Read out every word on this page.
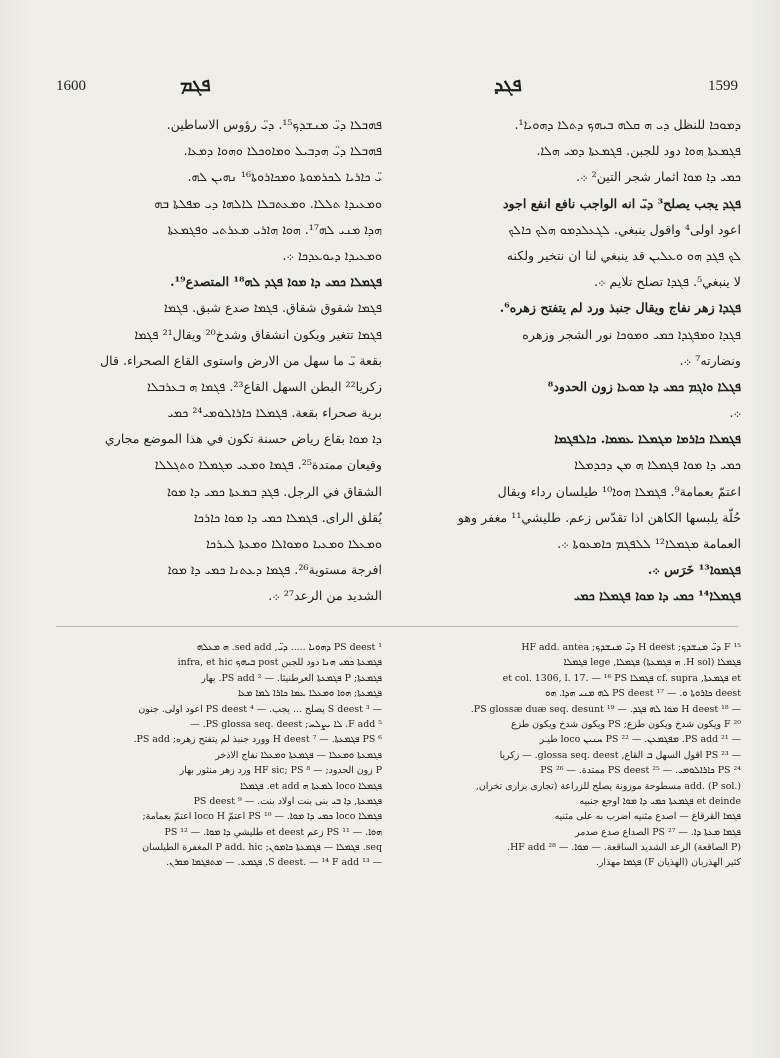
1600	ܦܓܡ	ܦܓܕ	1599
ܦܗܒܠܐ ܕܝ̈ ܡܢܫܕܟ¹⁵. ܕܝ̈ رؤوس الاساطين.
ܦܗܒܠܐ ܕܝ̈ ܗܕܒܝܠ ܘܡܐܘܟܠܐ ܘܗܘܐ ܕܡܥܐ.
ܝ̈ ܟܐܪܝܐ ܠܟܪܡܘܬܐ ܘܡܟܐܪܘܬܐ¹⁶ ܢܗܝܢ ܠܗ.
ܘܡܥܝܕܐ ܬܠܠܐ. ܘܡܥܬܒܠܐ ܠܐܠܗܐ ܕܝ ܡܦܠܬܐ ܒܗ
ܗܕܐ ܡܢܝ ܠܗ¹⁷. ܗܘܐ ܗܐܪܝ ܡܥܪܬܝ ܘܦܓܡܥܬܐ
ܘܡܥܝܕܐ ܕܝܘܥܕܟܐ ܀.
ܦܓܡܠܐ ܟܡܝ ܕܐ ܡܘܐ ܦܓܕ ܠܗ¹⁸ المتصدع¹⁹.
ܦܓܡܐ شقوق شقاق. ܦܓܡܐ صدع شبق. ܦܓܡܐ
ܦܓܡܐ تتغير ويكون انشقاق وشدخ²⁰ ويقال²¹ ܦܓܡܐ
بقعة ܝ̈ ما سهل من الارض واستوى القاع الصحراء. قال
زكريا²² البطن السهل القاع²³. ܦܓܡܐ ܗ ܒܥܪܒܠܐ
برية صحراء بقعة. ܦܓܡܠܐ ܟܐܪܐܠܘܡܝ²⁴ ܟܡܝ
ܕܐ ܡܘܐ بقاع رياض حسنة تكون في هذا الموضع مجاري
وقيعان ممتدة²⁵. ܦܓܡܐ ܘܡܥܝ ܡܓܡܠܐ ܘܬܓܠܠܐ
الشقاق في الرجل. ܦܓܕ ܒܡܥܬܐ ܟܡܝ ܕܐ ܡܘܐ
يُقلق الراى. ܦܓܡܠܐ ܟܡܝ ܕܐ ܡܘܐ ܟܐܪܟܐ
ܘܡܥܠܐ ܘܡܥܝܐ ܘܡܘܐܠܐ ܘܡܥܬܐ ܠܝܪܟܐ
افرجة مستوية²⁶. ܦܓܡܐ ܕܥܬܢܐ ܟܡܝ ܕܐ ܡܘܐ
الشديد من الرعد²⁷ ܀.
ܕܡܘܟܐ للنظل ܕܝ ܗ ܩܠܗ ܒܝܗܟ ܕܬܠܐ ܕܗܘܝܐ¹.
ܦܓܡܥܬܐ ܗܘܐ دود للجبن. ܦܓܡܥܬܐ ܕܡܝ ܗܠܐ.
ܟܡܝ ܕܐ ܡܘܐ اثمار شجر التين² ܀.
ܦܓܕ يجب يصلح³ ܕܝ̈ انه الواجب نافع انفع اجود
اعود اولى⁴ واقول ينبغي. ܠܓܥܠܕܡܘ ܗܠܟ ܟܐܠܟ
ܠܟ ܦܓܕ ܗܘ ܘܥܠܝܢ قد ينبغي لنا ان نتخير ولكنه
لا ينبغي⁵. ܦܓܕܐ تصلح تلايم ܀.
ܦܓܕܐ زهر نفاج ويقال جنبذ ورد لم يتفتح زهره⁶.
ܦܓܕܐ ܘܡܦܓܕܐ ܟܡܝ ܘܡܘܟܐ نور الشجر وزهره
ونضارته⁷ ܀.
ܦܓܠܐ ܘܐܓܡ ܟܡܝ ܕܐ ܡܘܥܐ زون الحدود⁸
܀.
ܦܓܡܠܐ ܟܐܪܡܐ ܡܓܡܠܐ ܥܡܡܐ. ܟܐܠܦܓܡܐ
ܟܡܝ ܕܐ ܡܘܐ ܦܓܡܠܐ ܗ ܡܢ ܕܟܕܡܠܐ
اعتمّ بعمامة⁹. ܦܓܡܠܐ ܗܘܐ¹⁰ طيلسان رداء ويقال
حُلّة يلبسها الكاهن اذا تقدّس زعم. طليشي¹¹ مغفر وهو
العمامة ܡܓܡܠܐ¹² ܠܠܦܓܡ ܟܐܡܥܘܬܐ ܀.
ܦܓܡܘܐ¹³ خَرَس ܀.
ܦܓܡܠܐ¹⁴ ܟܡܝ ܕܐ ܡܘܐ ܦܓܡܠܐ ܟܡܝ
¹ PS deest ܕܗܘܝܐ ..... ܕܝ̈, sed add. ܗ ܡܥܠܗ
ܦܓܡܥܬܐ ܟܡܝ ܗܢܐ دود للجبن post ܒܝܗܟ infra, et hic
ܦܓܡܥܬܐ; P ܦܓܡܥܬܐ العرطنيثا. — ² PS add. بهار
ܦܓܡܥܬܐ; ܗܘܐ ܘܡܥܠܐ ܥܡܐ ܟܐܪܐ ܠܡܐ ܡܥܐ
— ³ S deest يصلح ... يجب. — ⁴ PS deest اعود اولى. جنون
⁵ F add. ܠܐ ܝܨܠܚ; PS glossa seq. deest. —
⁶ PS ܦܓܡܥܬܐ. — ⁷ H deest وورد جنبذ لم يتفتح زهره; PS add.
ܦܓܡܥܬܐ ܘܡܥܠܐ — ܦܓܡܥܬܐ ܘܡܥܠܐ نفاج الاذخر
P زون الحدود; — ⁸ HF sic; PS ورد زهر منثور بهار
ܦܓܡܠܐ loco ܠܡܥܬܐ ܗ et add. ܦܓܡܠܐ
ܦܓܡܥܬܐ, ܕܐ ܒܝ بنى بنت اولاد بنت. — ⁹ PS deest
ܦܓܡܠܐ loco ܟܡܝ ܕܐ ܡܘܐ. — ¹⁰ PS اعتمّ loco H اعتمّ بعمامة;
ܗܘܐ. — ¹¹ PS زعم et deest طليشي ܕܐ ܡܘܐ. — ¹² PS
seq. ܦܓܡܠܐ — ܦܓܡܥܬܐ ܟܐܡܘܢ; P add. hic المغفرة الطيلسان
— ¹³ S deest. — ¹⁴ F add. ܦܓܡܥ. — ܡܬܦܓܡܐ ܡܘܪܢ.
¹⁵ F ܕܝ̈ ܡܢܫܕܟ; H deest ܕܝ̈ ܡܢܫܕܟ; HF add. antea
ܦܓܡܠܐ (H sol. ܗ ܦܓܡܥܬܐ) ܦܓܡܠܐ, lege ܦܓܡܠܐ
et ܦܓܡܥܬܐ, cf. supra ܦܓܡܠܐ et col. 1306, l. 17. — ¹⁶ PS
deest ܟܐܪܘܬܐ ܘ. — ¹⁷ PS deest ܠܗ ܡܢܝ ܗܕܐ. ܗܘ
— ¹⁸ H deest ܡܘܐ ܠܗ ܦܓܕ. — ¹⁹ PS glossæ duæ seq. desunt.
²⁰ F ويكون شدخ ويكون طزع; PS ويكون شدخ ويكون طزع
— ²¹ PS add. ܡܦܓܡܥܢ. — ²² PS ܚܢܝܢ loco طيـر
— ²³ PS اقول السهل ܒ القاع, glossa seq. deest. — زكريا
²⁴ PS ܟܐܪܐܠܘܡܝ. — ²⁵ PS deest ممتدة. — ²⁶ PS
add. (P sol.) مسطوحة موزونة يصلح للزراعة (تجارى برارى تخران,
et deinde ܦܓܡܥܬܐ ܟܡܝ ܕܐ ܡܘܐ اوجع جنبيه
ܦܓܡܐ القرقاع — اصدع مثنيه اضرب به على مثنيه
ܦܓܡܐ ܡܥܬܐ ܕܐ. — ²⁷ PS الصداع صدع صدمر
(P الصاقعة) الرعد الشديد الساقعة. — ܡܘܐ. — ²⁸ HF add.
كثير الهذربان (الهذيان F) ܦܓܡܐ مهذار.
